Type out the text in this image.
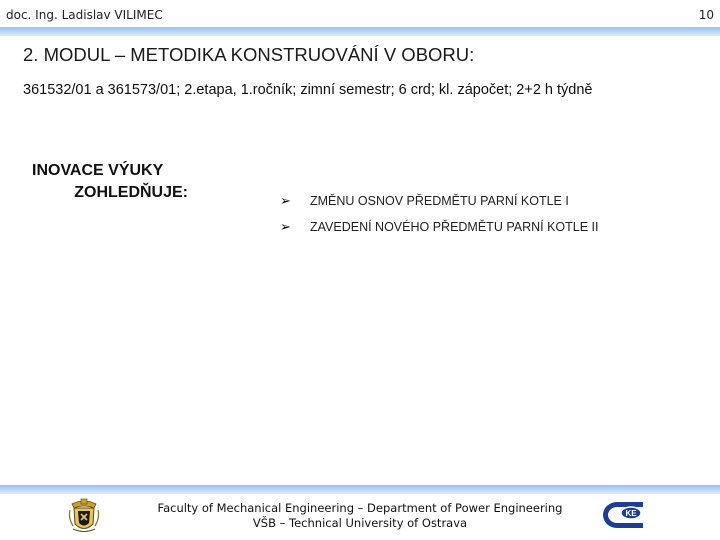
doc. Ing. Ladislav VILIMEC	10
2. MODUL – METODIKA KONSTRUOVÁNÍ V OBORU:
361532/01 a 361573/01; 2.etapa, 1.ročník; zimní semestr; 6 crd; kl. zápočet; 2+2 h týdně
INOVACE VÝUKY
ZOHLEDŇUJE:	➢	ZMĚNU OSNOV PŘEDMĚTU PARNÍ KOTLE I
➢	ZAVEDENÍ NOVÉHO PŘEDMĚTU PARNÍ KOTLE II
Faculty of Mechanical Engineering – Department of Power Engineering
VŠB – Technical University of Ostrava
KE
